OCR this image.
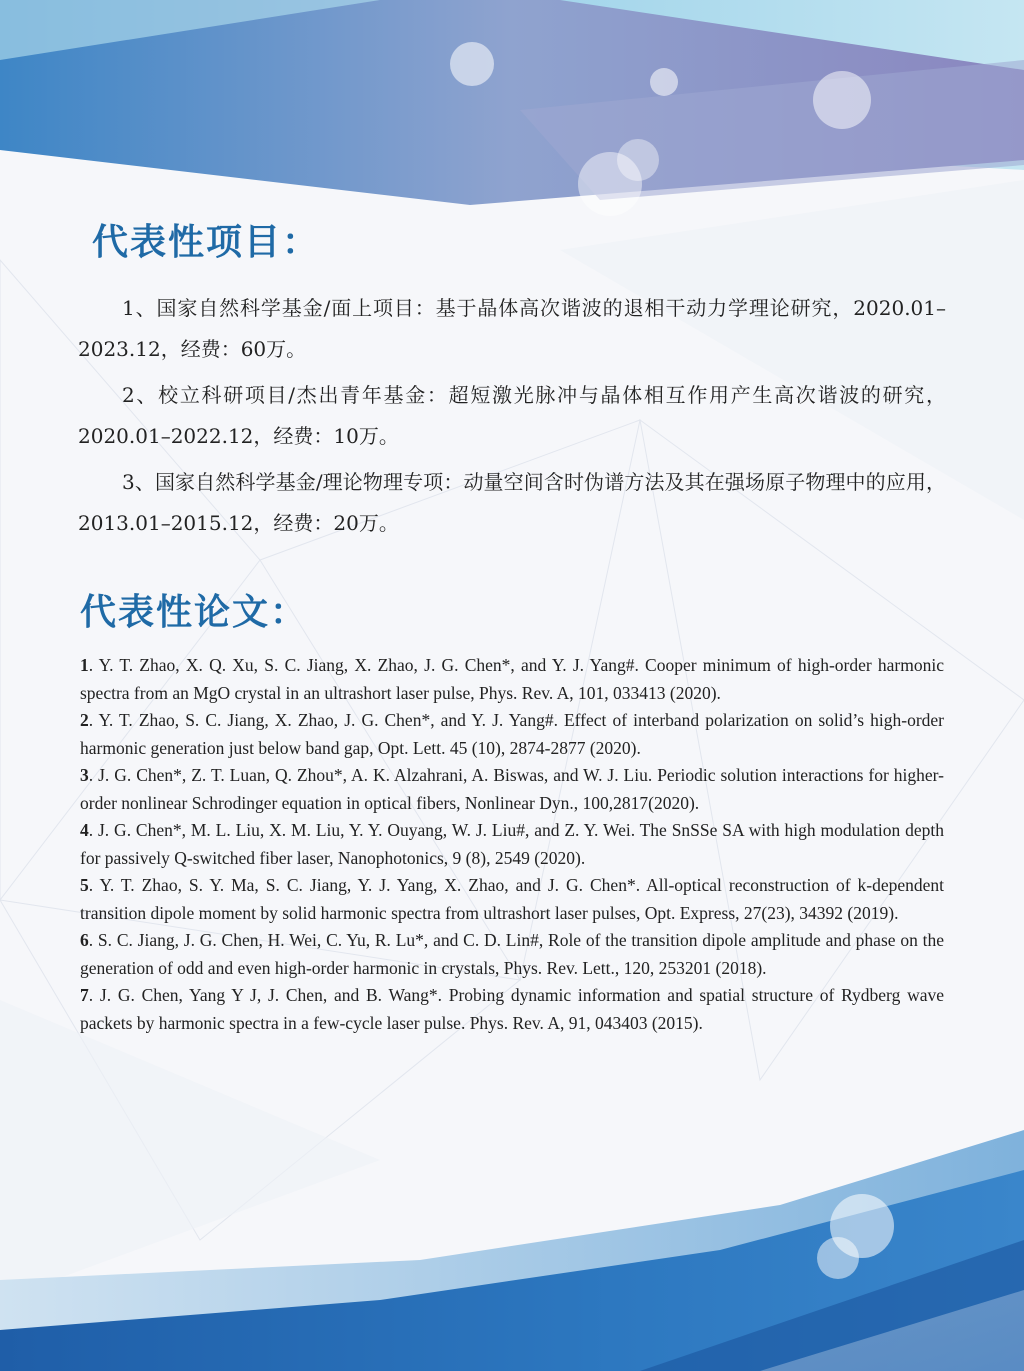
代表性项目：

1、国家自然科学基金/面上项目：基于晶体高次谐波的退相干动力学理论研究，2020.01–2023.12，经费：60万。

2、校立科研项目/杰出青年基金：超短激光脉冲与晶体相互作用产生高次谐波的研究，2020.01–2022.12，经费：10万。

3、国家自然科学基金/理论物理专项：动量空间含时伪谱方法及其在强场原子物理中的应用，2013.01–2015.12，经费：20万。

代表性论文：

1. Y. T. Zhao, X. Q. Xu, S. C. Jiang, X. Zhao, J. G. Chen*, and Y. J. Yang#. Cooper minimum of high-order harmonic spectra from an MgO crystal in an ultrashort laser pulse, Phys. Rev. A, 101, 033413 (2020).

2. Y. T. Zhao, S. C. Jiang, X. Zhao, J. G. Chen*, and Y. J. Yang#. Effect of interband polarization on solid’s high-order harmonic generation just below band gap, Opt. Lett. 45 (10), 2874-2877 (2020).

3. J. G. Chen*, Z. T. Luan, Q. Zhou*, A. K. Alzahrani, A. Biswas, and W. J. Liu. Periodic solution interactions for higher-order nonlinear Schrodinger equation in optical fibers, Nonlinear Dyn., 100,2817(2020).

4. J. G. Chen*, M. L. Liu, X. M. Liu, Y. Y. Ouyang, W. J. Liu#, and Z. Y. Wei. The SnSSe SA with high modulation depth for passively Q-switched fiber laser, Nanophotonics, 9 (8), 2549 (2020).

5. Y. T. Zhao, S. Y. Ma, S. C. Jiang, Y. J. Yang, X. Zhao, and J. G. Chen*. All-optical reconstruction of k-dependent transition dipole moment by solid harmonic spectra from ultrashort laser pulses, Opt. Express, 27(23), 34392 (2019).

6. S. C. Jiang, J. G. Chen, H. Wei, C. Yu, R. Lu*, and C. D. Lin#, Role of the transition dipole amplitude and phase on the generation of odd and even high-order harmonic in crystals, Phys. Rev. Lett., 120, 253201 (2018).

7. J. G. Chen, Yang Y J, J. Chen, and B. Wang*. Probing dynamic information and spatial structure of Rydberg wave packets by harmonic spectra in a few-cycle laser pulse. Phys. Rev. A, 91, 043403 (2015).
